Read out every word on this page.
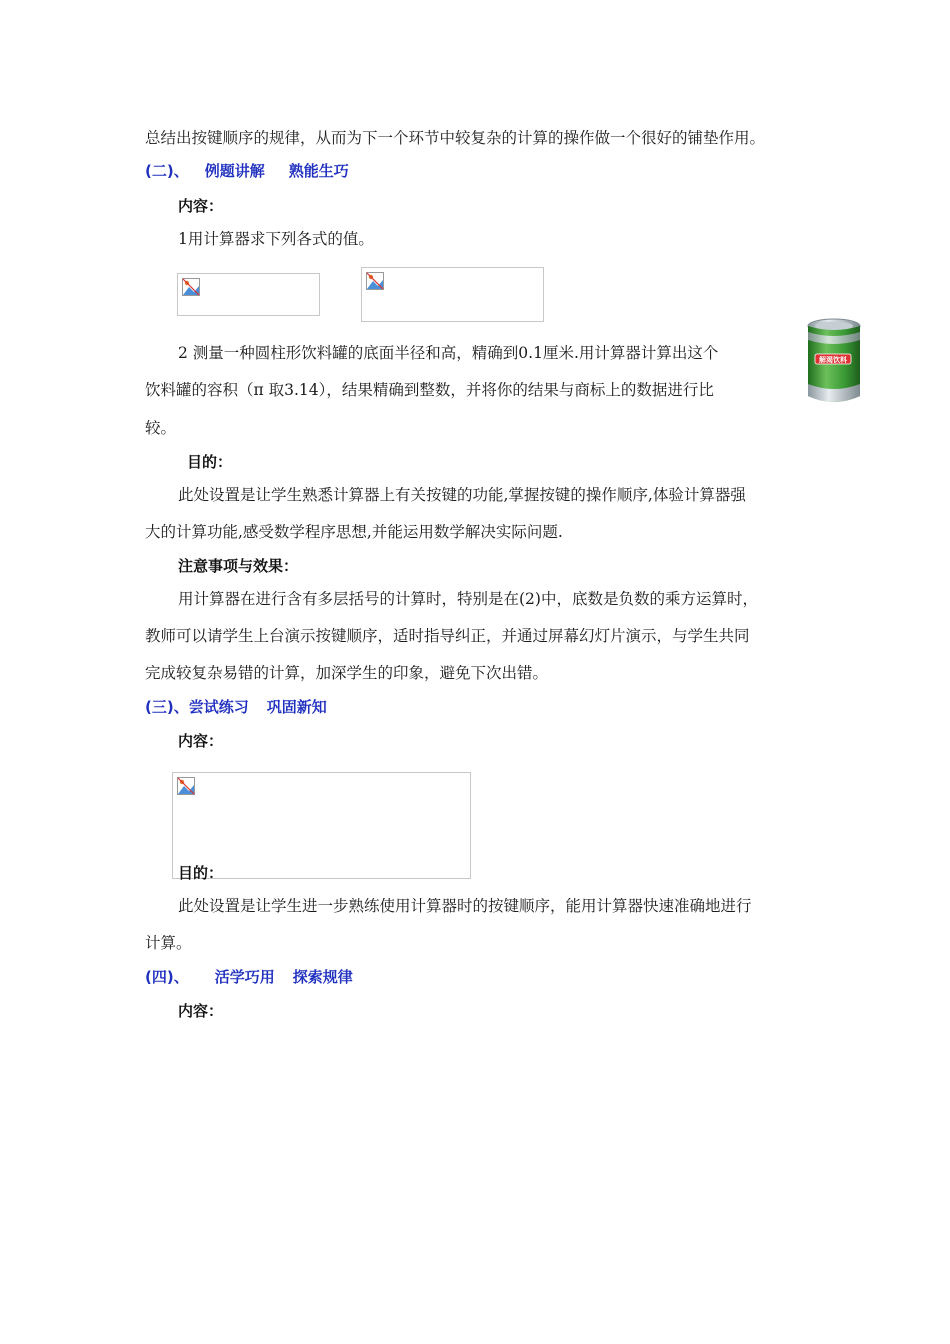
总结出按键顺序的规律，从而为下一个环节中较复杂的计算的操作做一个很好的铺垫作用。
(二)、 例题讲解 熟能生巧
内容：
1用计算器求下列各式的值。
2 测量一种圆柱形饮料罐的底面半径和高，精确到0.1厘米.用计算器计算出这个
饮料罐的容积（π 取3.14），结果精确到整数，并将你的结果与商标上的数据进行比
较。
解渴饮料
目的：
此处设置是让学生熟悉计算器上有关按键的功能,掌握按键的操作顺序,体验计算器强
大的计算功能,感受数学程序思想,并能运用数学解决实际问题.
注意事项与效果：
用计算器在进行含有多层括号的计算时，特别是在(2)中，底数是负数的乘方运算时，
教师可以请学生上台演示按键顺序，适时指导纠正，并通过屏幕幻灯片演示，与学生共同
完成较复杂易错的计算，加深学生的印象，避免下次出错。
(三)、尝试练习 巩固新知
内容：
目的：
此处设置是让学生进一步熟练使用计算器时的按键顺序，能用计算器快速准确地进行
计算。
(四)、 活学巧用 探索规律
内容：
